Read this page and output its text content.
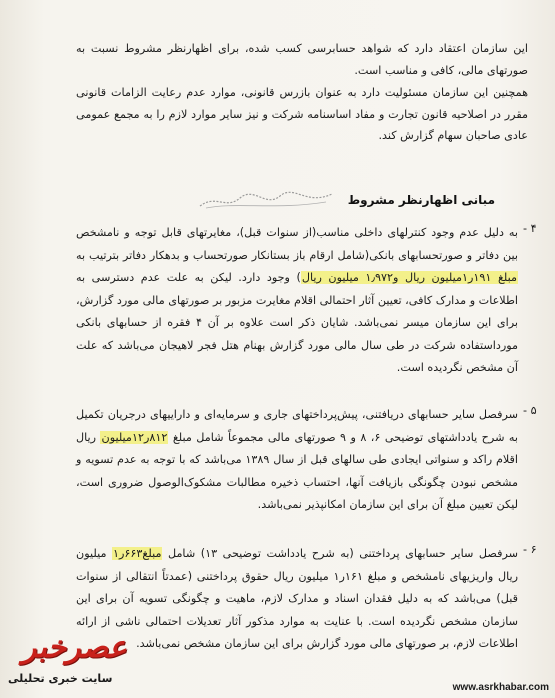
این سازمان اعتقاد دارد که شواهد حسابرسی کسب شده، برای اظهارنظر مشروط نسبت به صورتهای مالی، کافی و مناسب است.
همچنین این سازمان مسئولیت دارد به عنوان بازرس قانونی، موارد عدم رعایت الزامات قانونی مقرر در اصلاحیه قانون تجارت و مفاد اساسنامه شرکت و نیز سایر موارد لازم را به مجمع عمومی عادی صاحبان سهام گزارش کند.
مبانی اظهارنظر مشروط
۴ -
به دلیل عدم وجود کنترلهای داخلی مناسب(از سنوات قبل)، مغایرتهای قابل توجه و نامشخص بین دفاتر و صورتحسابهای بانکی(شامل ارقام باز بستانکار صورتحساب و بدهکار دفاتر بترتیب به مبلغ ۱۹۱ر۱میلیون ریال و۱٫۹۷۲ میلیون ریال) وجود دارد. لیکن به علت عدم دسترسی به اطلاعات و مدارک کافی، تعیین آثار احتمالی اقلام مغایرت مزبور بر صورتهای مالی مورد گزارش، برای این سازمان میسر نمی‌باشد. شایان ذکر است علاوه بر آن ۴ فقره از حسابهای بانکی مورداستفاده شرکت در طی سال مالی مورد گزارش بهنام هتل فجر لاهیجان می‌باشد که علت آن مشخص نگردیده است.
۵ -
سرفصل سایر حسابهای دریافتنی، پیش‌پرداختهای جاری و سرمایه‌ای و داراییهای درجریان تکمیل به شرح یادداشتهای توضیحی ۶، ۸ و ۹ صورتهای مالی مجموعاً شامل مبلغ ۸۱۲ر۱۲میلیون ریال اقلام راکد و سنواتی ایجادی طی سالهای قبل از سال ۱۳۸۹ می‌باشد که با توجه به عدم تسویه و مشخص نبودن چگونگی بازیافت آنها، احتساب ذخیره مطالبات مشکوک‌الوصول ضروری است، لیکن تعیین مبلغ آن برای این سازمان امکانپذیر نمی‌باشد.
۶ -
سرفصل سایر حسابهای پرداختنی (به شرح یادداشت توضیحی ۱۳) شامل مبلغ۶۶۳ر۱ میلیون ریال واریزیهای نامشخص و مبلغ ۱۶۱ر۱ میلیون ریال حقوق پرداختنی (عمدتاً انتقالی از سنوات قبل) می‌باشد که به دلیل فقدان اسناد و مدارک لازم، ماهیت و چگونگی تسویه آن برای این سازمان مشخص نگردیده است. با عنایت به موارد مذکور آثار تعدیلات احتمالی ناشی از ارائه اطلاعات لازم، بر صورتهای مالی مورد گزارش برای این سازمان مشخص نمی‌باشد.
عصرخبر
سایت خبری تحلیلی
www.asrkhabar.com
